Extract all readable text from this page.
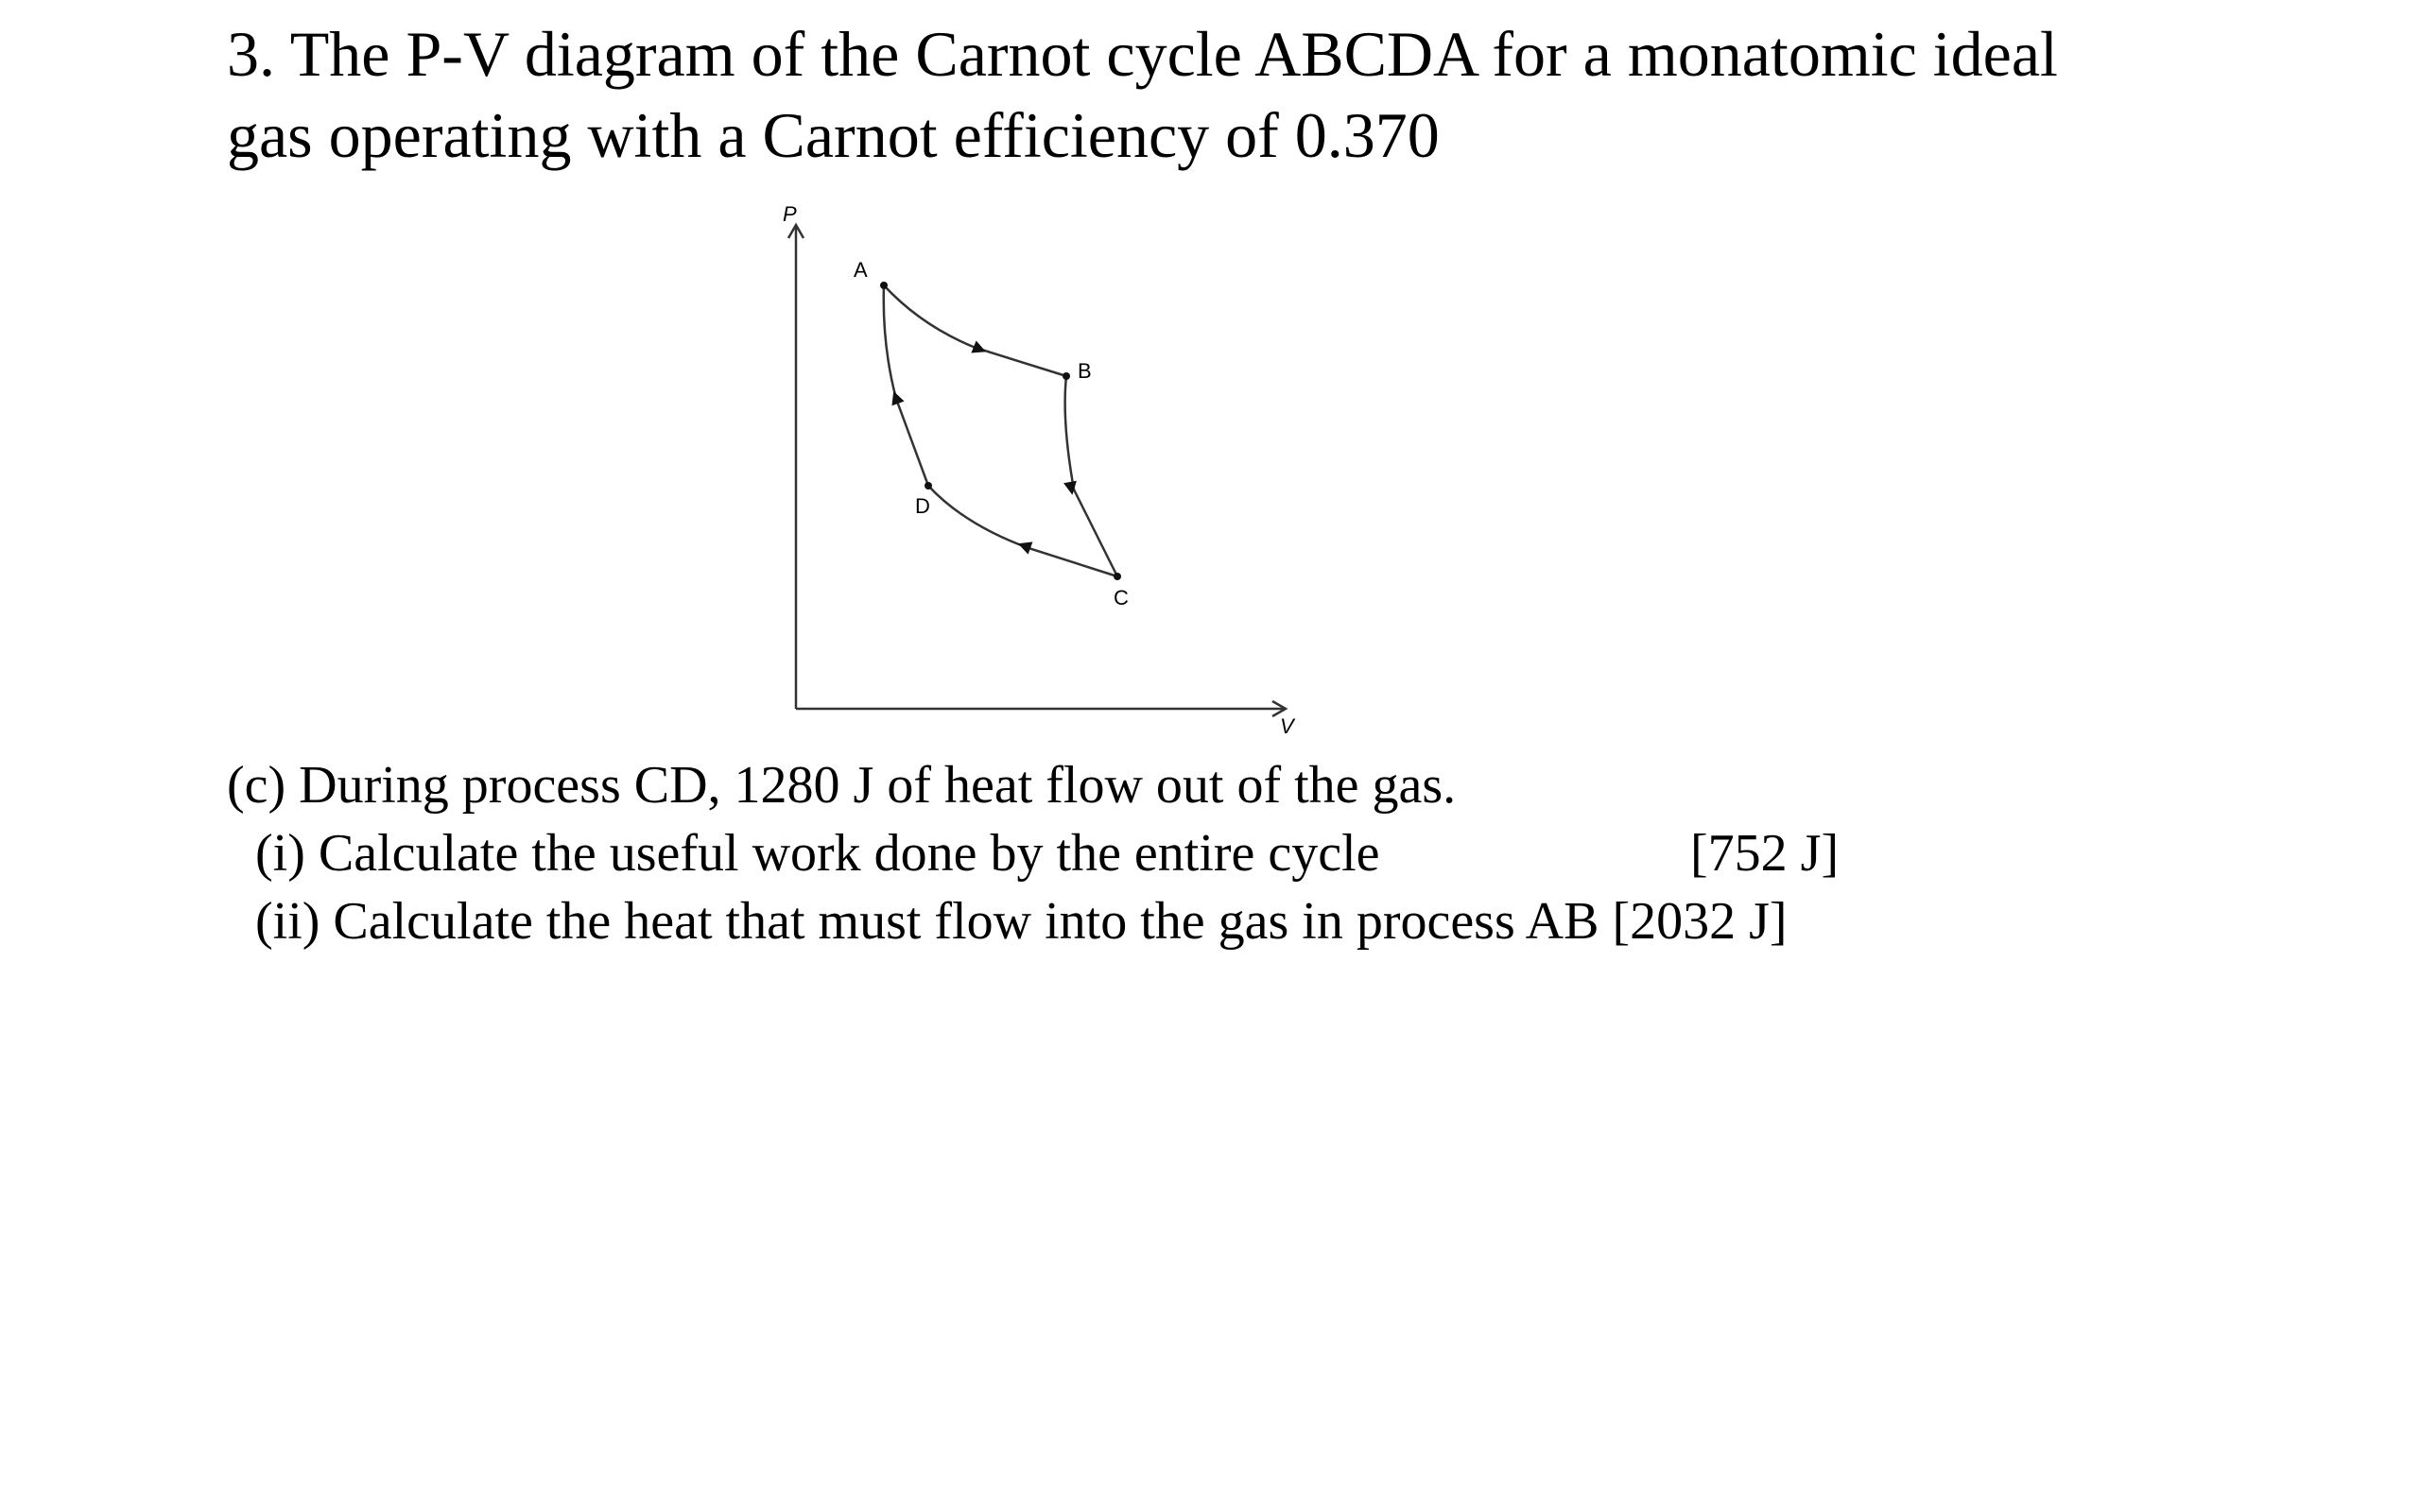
3. The P-V diagram of the Carnot cycle ABCDA for a monatomic ideal
gas operating with a Carnot efficiency of 0.370
P
V
A
B
C
D
(c) During process CD, 1280 J of heat flow out of the gas.
(i) Calculate the useful work done by the entire cycle	[752 J]
(ii) Calculate the heat that must flow into the gas in process AB [2032 J]
